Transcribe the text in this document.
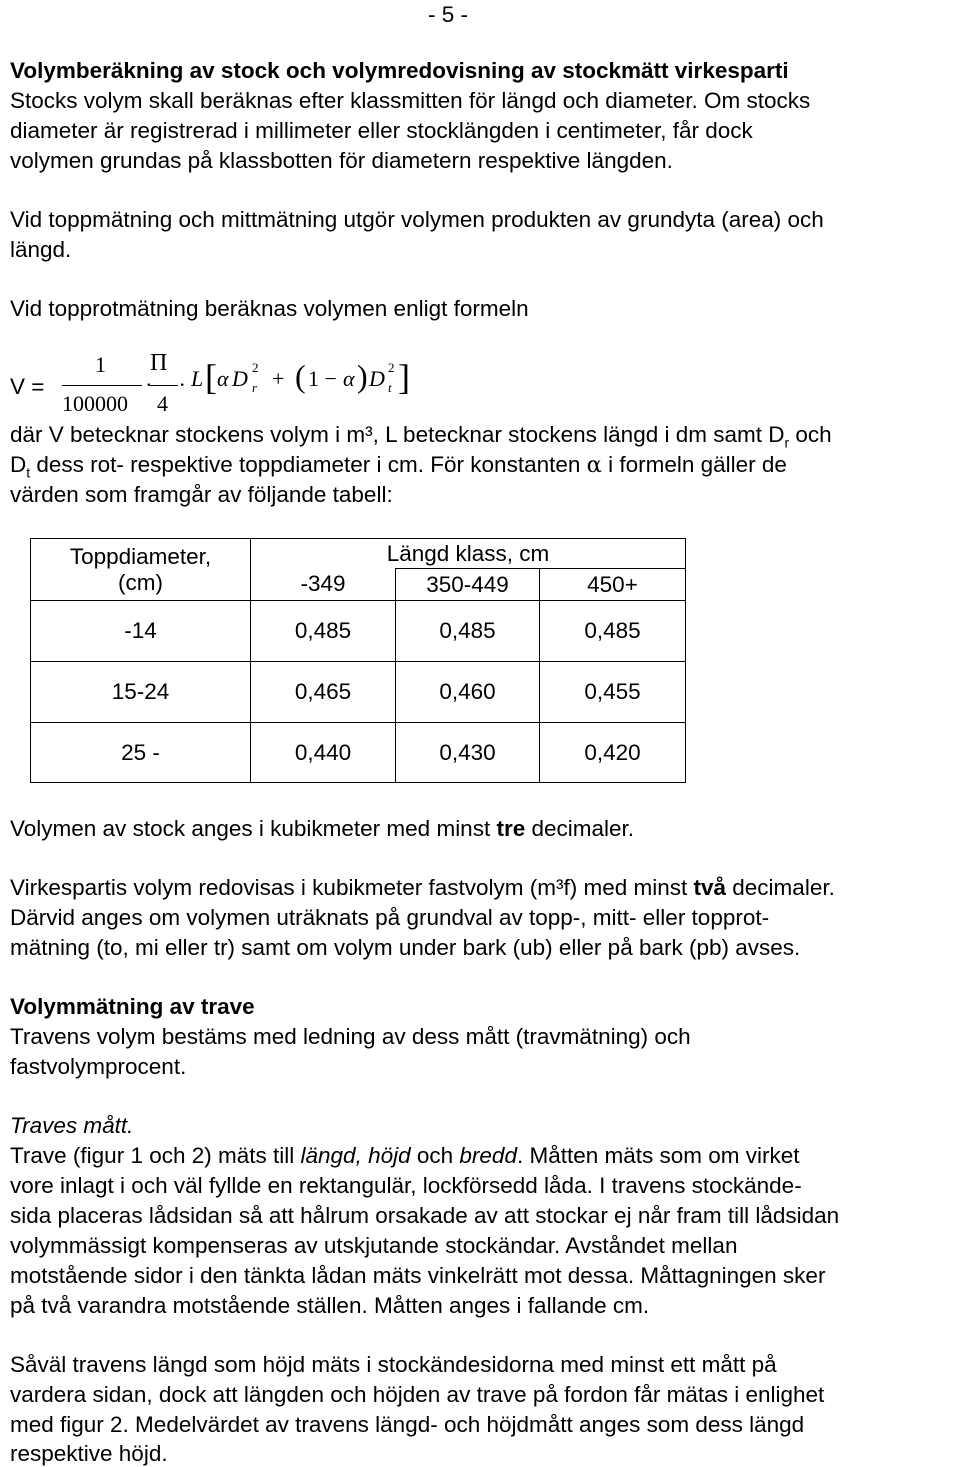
- 5 -
Volymberäkning av stock och volymredovisning av stockmätt virkesparti
Stocks volym skall beräknas efter klassmitten för längd och diameter. Om stocks
diameter är registrerad i millimeter eller stocklängden i centimeter, får dock
volymen grundas på klassbotten för diametern respektive längden.
Vid toppmätning och mittmätning utgör volymen produkten av grundyta (area) och
längd.
Vid topprotmätning beräknas volymen enligt formeln
V =
1
100000
.
Π
4
. L [ α D 2
r + ( 1 − α ) D 2
t ]
där V betecknar stockens volym i m³, L betecknar stockens längd i dm samt $D_r$ och
$D_t$ dess rot- respektive toppdiameter i cm. För konstanten α i formeln gäller de
värden som framgår av följande tabell:
Toppdiameter,
(cm)	Längd klass, cm		
	-349	350-449	450+
-14	0,485	0,485	0,485
15-24	0,465	0,460	0,455
25 -	0,440	0,430	0,420
Volymen av stock anges i kubikmeter med minst tre decimaler.
Virkespartis volym redovisas i kubikmeter fastvolym (m³f) med minst två decimaler.
Därvid anges om volymen uträknats på grundval av topp-, mitt- eller topprot-
mätning (to, mi eller tr) samt om volym under bark (ub) eller på bark (pb) avses.
Volymmätning av trave
Travens volym bestäms med ledning av dess mått (travmätning) och
fastvolymprocent.
Traves mått.
Trave (figur 1 och 2) mäts till längd, höjd och bredd. Måtten mäts som om virket
vore inlagt i och väl fyllde en rektangulär, lockförsedd låda. I travens stockände-
sida placeras lådsidan så att hålrum orsakade av att stockar ej når fram till lådsidan
volymmässigt kompenseras av utskjutande stockändar. Avståndet mellan
motstående sidor i den tänkta lådan mäts vinkelrätt mot dessa. Måttagningen sker
på två varandra motstående ställen. Måtten anges i fallande cm.
Såväl travens längd som höjd mäts i stockändesidorna med minst ett mått på
vardera sidan, dock att längden och höjden av trave på fordon får mätas i enlighet
med figur 2. Medelvärdet av travens längd- och höjdmått anges som dess längd
respektive höjd.
